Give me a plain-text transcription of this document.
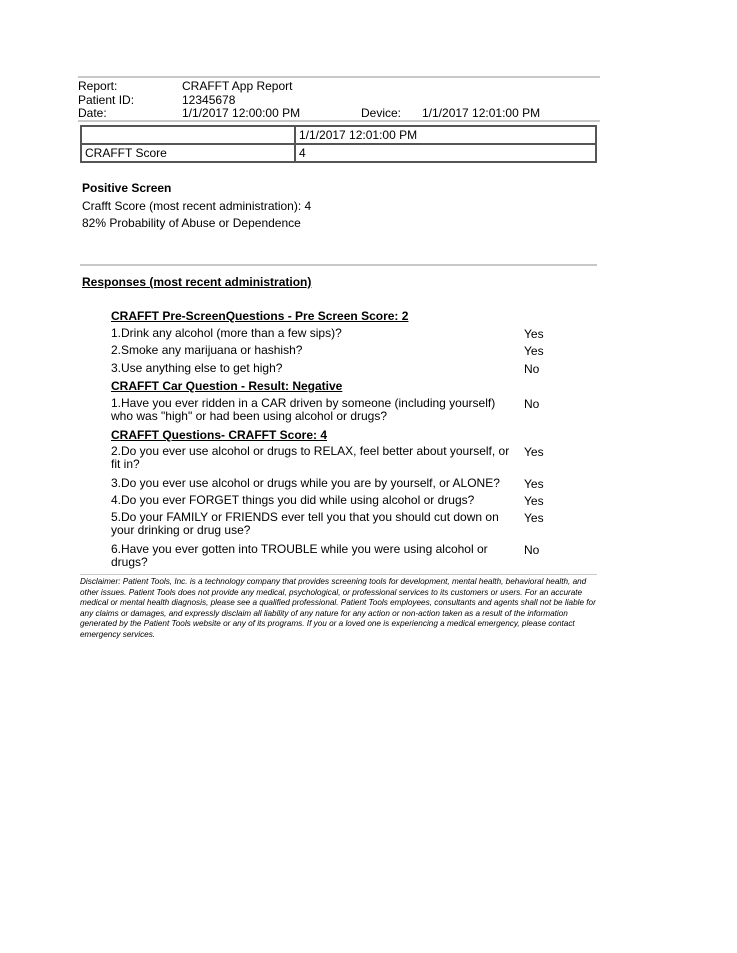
Report:	CRAFFT App Report
Patient ID:	12345678
Date:	1/1/2017 12:00:00 PM	Device: 1/1/2017 12:01:00 PM
	1/1/2017 12:01:00 PM
CRAFFT Score	4
Positive Screen
Crafft Score (most recent administration): 4
82% Probability of Abuse or Dependence
Responses (most recent administration)
CRAFFT Pre-ScreenQuestions - Pre Screen Score: 2
1.Drink any alcohol (more than a few sips)?	Yes
2.Smoke any marijuana or hashish?	Yes
3.Use anything else to get high?	No
CRAFFT Car Question - Result: Negative
1.Have you ever ridden in a CAR driven by someone (including yourself) who was "high" or had been using alcohol or drugs?
No
CRAFFT Questions- CRAFFT Score: 4
2.Do you ever use alcohol or drugs to RELAX, feel better about yourself, or fit in?
Yes
3.Do you ever use alcohol or drugs while you are by yourself, or ALONE?	Yes
4.Do you ever FORGET things you did while using alcohol or drugs?	Yes
5.Do your FAMILY or FRIENDS ever tell you that you should cut down on your drinking or drug use?
Yes
6.Have you ever gotten into TROUBLE while you were using alcohol or drugs?
No
Disclaimer: Patient Tools, Inc. is a technology company that provides screening tools for development, mental health, behavioral health, and other issues. Patient Tools does not provide any medical, psychological, or professional services to its customers or users. For an accurate medical or mental health diagnosis, please see a qualified professional. Patient Tools employees, consultants and agents shall not be liable for any claims or damages, and expressly disclaim all liability of any nature for any action or non-action taken as a result of the information generated by the Patient Tools website or any of its programs. If you or a loved one is experiencing a medical emergency, please contact emergency services.
